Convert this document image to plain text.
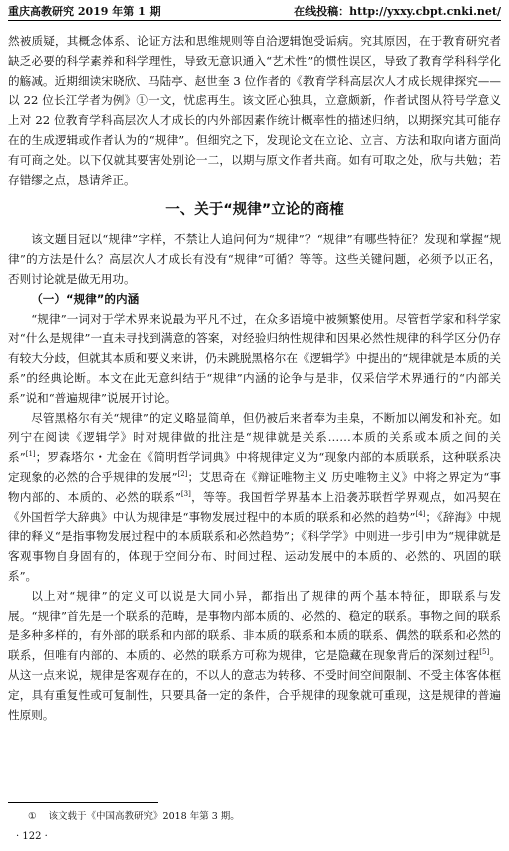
重庆高教研究 2019 年第 1 期	在线投稿：http://yxxy.cbpt.cnki.net/

然被质疑，其概念体系、论证方法和思维规则等自洽逻辑饱受诟病。究其原因，在于教育研究者缺乏必要的科学素养和科学理性，导致无意识通入“艺术性”的惯性误区，导致了教育学科科学化的觞减。近期细读宋晓欣、马陆亭、赵世奎 3 位作者的《教育学科高层次人才成长规律探究——以 22 位长江学者为例》①一文，忧虑再生。该文匠心独具，立意颇新，作者试图从符号学意义上对 22 位教育学科高层次人才成长的内外部因素作统计概率性的描述归纳，以期探究其可能存在的生成逻辑或作者认为的“规律”。但细究之下，发现论文在立论、立言、方法和取向诸方面尚有可商之处。以下仅就其要害处别论一二，以期与原文作者共商。如有可取之处，欣与共勉；若存错缪之点，恳请斧正。

一、关于“规律”立论的商榷

该文题目冠以“规律”字样，不禁让人追问何为“规律”？“规律”有哪些特征？发现和掌握“规律”的方法是什么？高层次人才成长有没有“规律”可循？等等。这些关键问题，必须予以正名，否则讨论就是做无用功。

（一）“规律”的内涵

“规律”一词对于学术界来说最为平凡不过，在众多语境中被频繁使用。尽管哲学家和科学家对“什么是规律”一直未寻找到满意的答案，对经验归纳性规律和因果必然性规律的科学区分仍存有较大分歧，但就其本质和要义来讲，仍未跳脱黑格尔在《逻辑学》中提出的“规律就是本质的关系”的经典论断。本文在此无意纠结于“规律”内涵的论争与是非，仅采信学术界通行的“内部关系”说和“普遍规律”说展开讨论。

尽管黑格尔有关“规律”的定义略显简单，但仍被后来者奉为圭臬，不断加以阐发和补充。如列宁在阅读《逻辑学》时对规律做的批注是“规律就是关系……本质的关系或本质之间的关系”[1]；罗森塔尔・尤金在《简明哲学词典》中将规律定义为“现象内部的本质联系，这种联系决定现象的必然的合乎规律的发展”[2]；艾思奇在《辩证唯物主义 历史唯物主义》中将之界定为“事物内部的、本质的、必然的联系”[3]，等等。我国哲学界基本上沿袭苏联哲学界观点，如冯契在《外国哲学大辞典》中认为规律是“事物发展过程中的本质的联系和必然的趋势”[4]；《辞海》中规律的释义“是指事物发展过程中的本质联系和必然趋势”；《科学学》中则进一步引申为“规律就是客观事物自身固有的，体现于空间分布、时间过程、运动发展中的本质的、必然的、巩固的联系”。

以上对“规律”的定义可以说是大同小异，都指出了规律的两个基本特征，即联系与发展。“规律”首先是一个联系的范畴，是事物内部本质的、必然的、稳定的联系。事物之间的联系是多种多样的，有外部的联系和内部的联系、非本质的联系和本质的联系、偶然的联系和必然的联系，但唯有内部的、本质的、必然的联系方可称为规律，它是隐藏在现象背后的深刻过程[5]。从这一点来说，规律是客观存在的，不以人的意志为转移、不受时间空间限制、不受主体客体框定，具有重复性或可复制性，只要具备一定的条件，合乎规律的现象就可重现，这是规律的普遍性原则。

① 该文载于《中国高教研究》2018 年第 3 期。
· 122 ·
